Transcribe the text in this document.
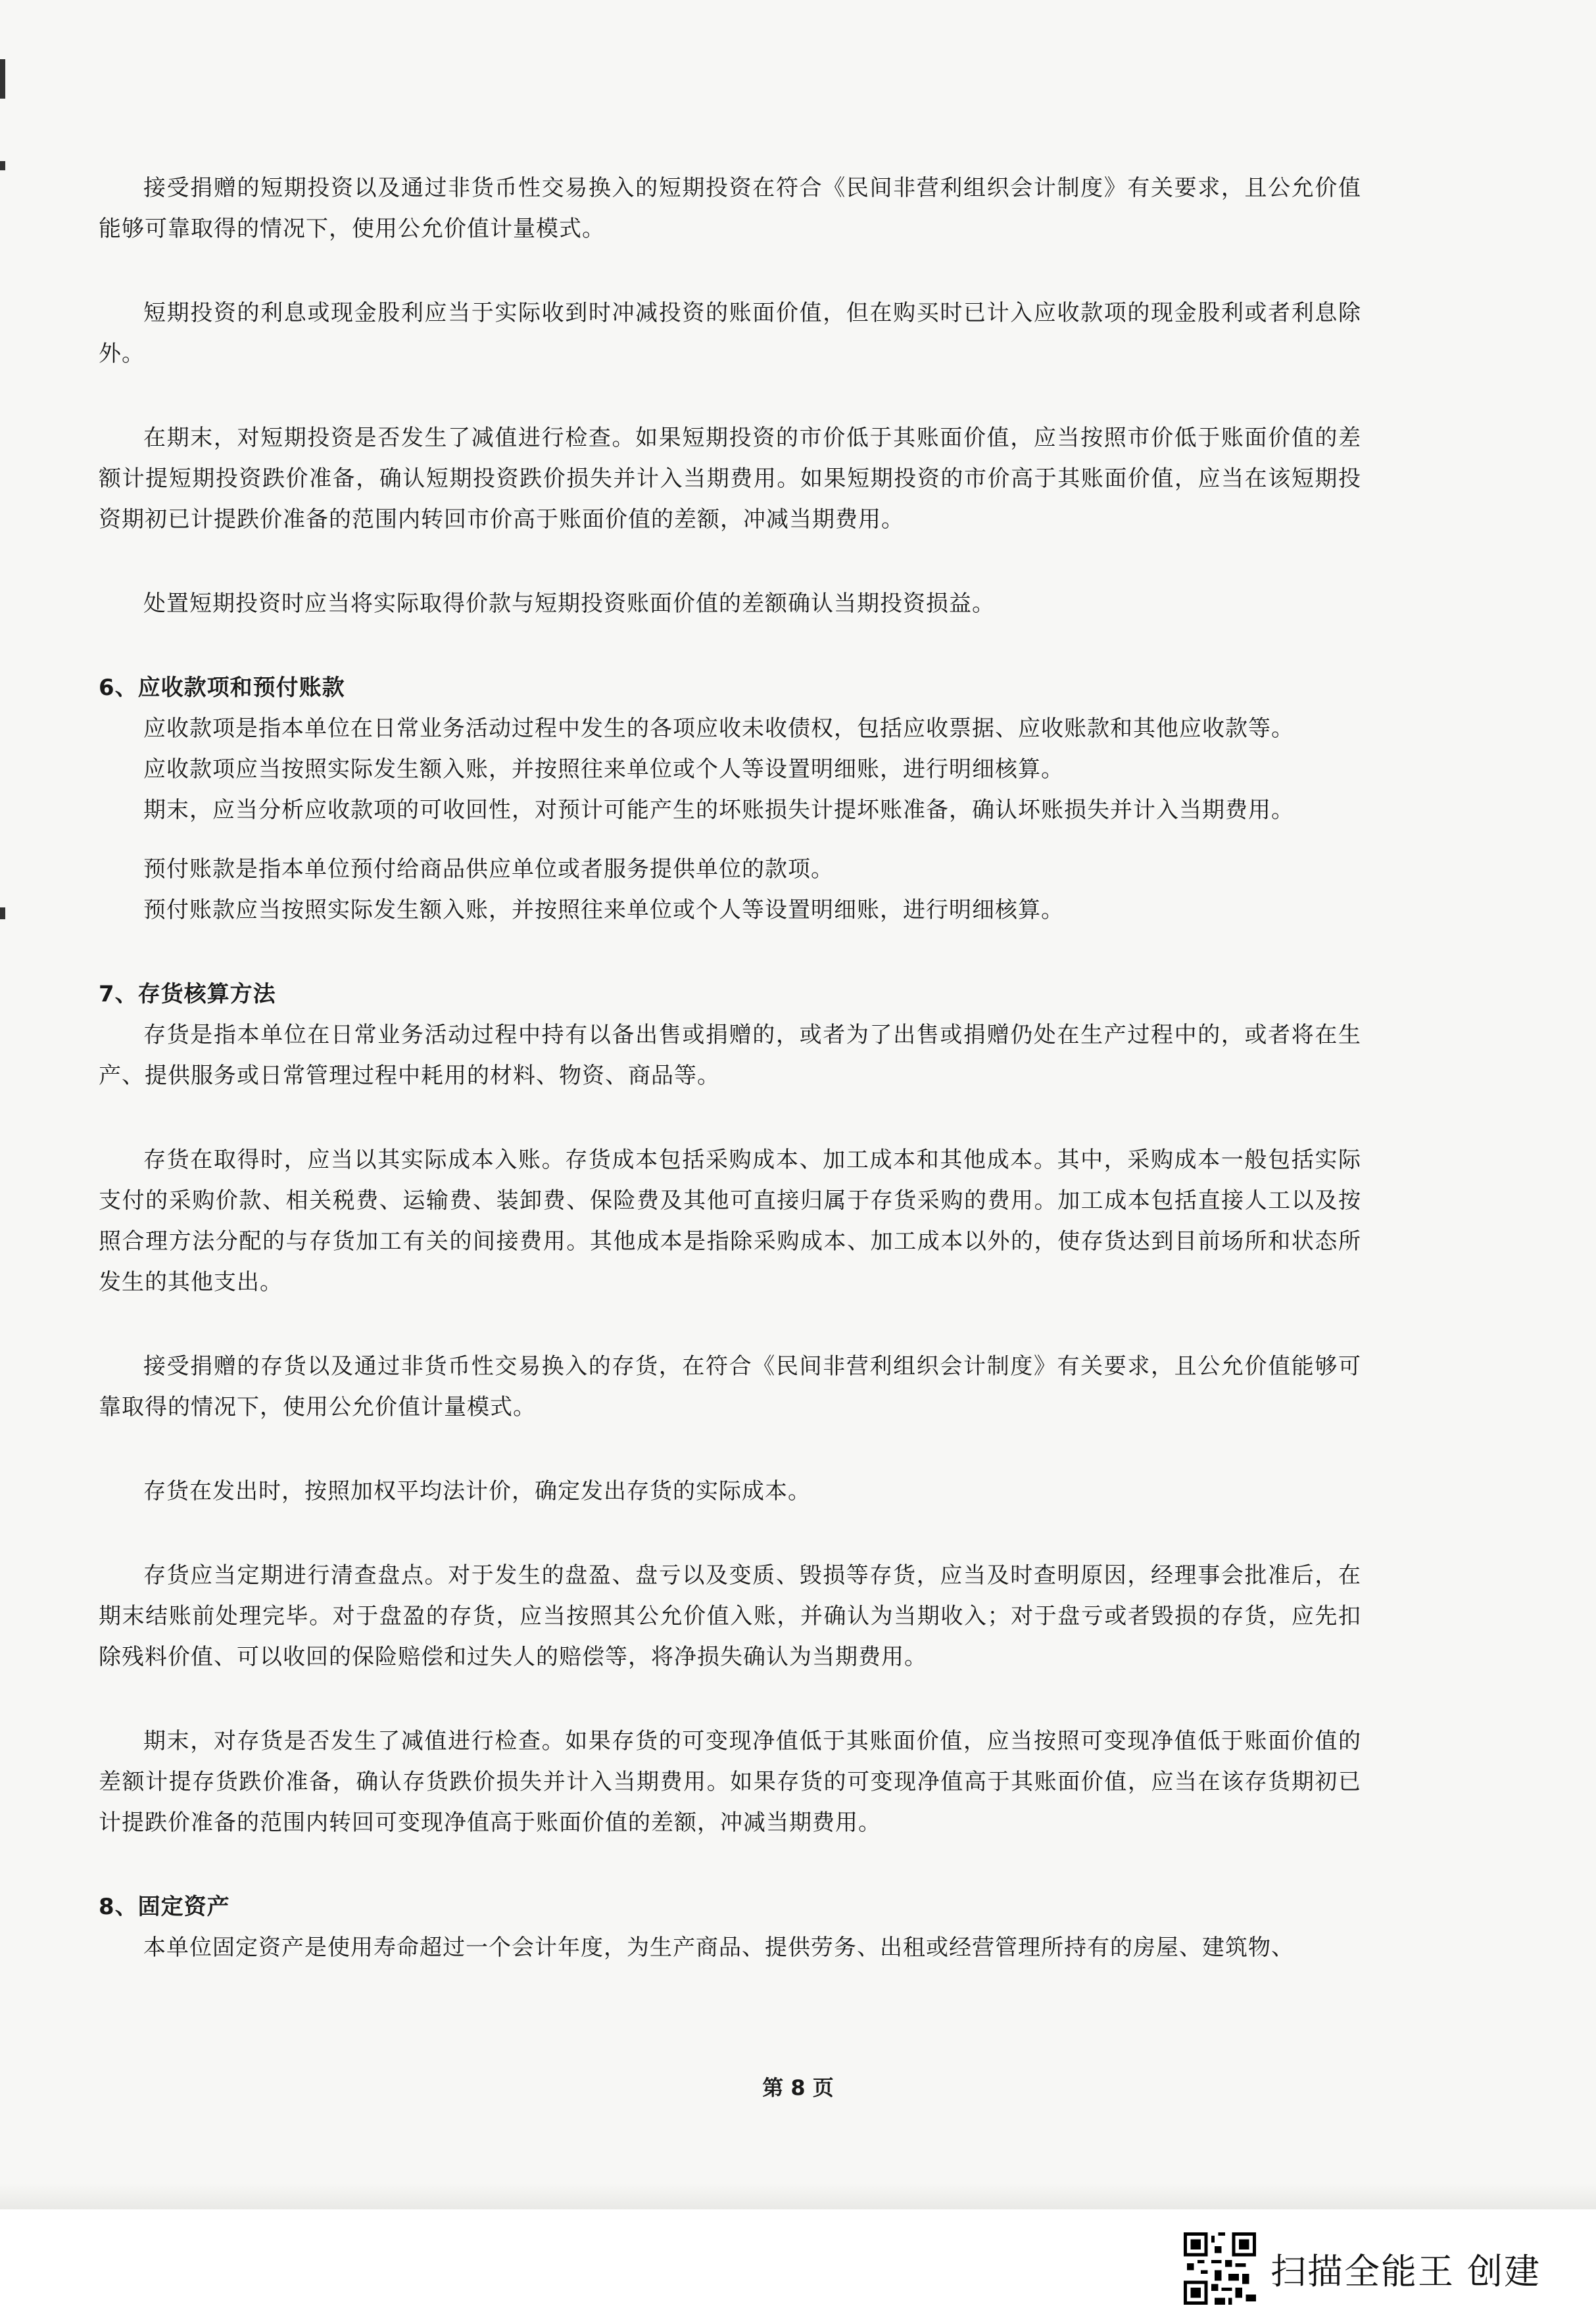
接受捐赠的短期投资以及通过非货币性交易换入的短期投资在符合《民间非营利组织会计制度》有关要求，且公允价值能够可靠取得的情况下，使用公允价值计量模式。

短期投资的利息或现金股利应当于实际收到时冲减投资的账面价值，但在购买时已计入应收款项的现金股利或者利息除外。

在期末，对短期投资是否发生了减值进行检查。如果短期投资的市价低于其账面价值，应当按照市价低于账面价值的差额计提短期投资跌价准备，确认短期投资跌价损失并计入当期费用。如果短期投资的市价高于其账面价值，应当在该短期投资期初已计提跌价准备的范围内转回市价高于账面价值的差额，冲减当期费用。

处置短期投资时应当将实际取得价款与短期投资账面价值的差额确认当期投资损益。

6、应收款项和预付账款

应收款项是指本单位在日常业务活动过程中发生的各项应收未收债权，包括应收票据、应收账款和其他应收款等。

应收款项应当按照实际发生额入账，并按照往来单位或个人等设置明细账，进行明细核算。

期末，应当分析应收款项的可收回性，对预计可能产生的坏账损失计提坏账准备，确认坏账损失并计入当期费用。

预付账款是指本单位预付给商品供应单位或者服务提供单位的款项。

预付账款应当按照实际发生额入账，并按照往来单位或个人等设置明细账，进行明细核算。

7、存货核算方法

存货是指本单位在日常业务活动过程中持有以备出售或捐赠的，或者为了出售或捐赠仍处在生产过程中的，或者将在生产、提供服务或日常管理过程中耗用的材料、物资、商品等。

存货在取得时，应当以其实际成本入账。存货成本包括采购成本、加工成本和其他成本。其中，采购成本一般包括实际支付的采购价款、相关税费、运输费、装卸费、保险费及其他可直接归属于存货采购的费用。加工成本包括直接人工以及按照合理方法分配的与存货加工有关的间接费用。其他成本是指除采购成本、加工成本以外的，使存货达到目前场所和状态所发生的其他支出。

接受捐赠的存货以及通过非货币性交易换入的存货，在符合《民间非营利组织会计制度》有关要求，且公允价值能够可靠取得的情况下，使用公允价值计量模式。

存货在发出时，按照加权平均法计价，确定发出存货的实际成本。

存货应当定期进行清查盘点。对于发生的盘盈、盘亏以及变质、毁损等存货，应当及时查明原因，经理事会批准后，在期末结账前处理完毕。对于盘盈的存货，应当按照其公允价值入账，并确认为当期收入；对于盘亏或者毁损的存货，应先扣除残料价值、可以收回的保险赔偿和过失人的赔偿等，将净损失确认为当期费用。

期末，对存货是否发生了减值进行检查。如果存货的可变现净值低于其账面价值，应当按照可变现净值低于账面价值的差额计提存货跌价准备，确认存货跌价损失并计入当期费用。如果存货的可变现净值高于其账面价值，应当在该存货期初已计提跌价准备的范围内转回可变现净值高于账面价值的差额，冲减当期费用。

8、固定资产

本单位固定资产是使用寿命超过一个会计年度，为生产商品、提供劳务、出租或经营管理所持有的房屋、建筑物、

第 8 页
扫描全能王 创建
